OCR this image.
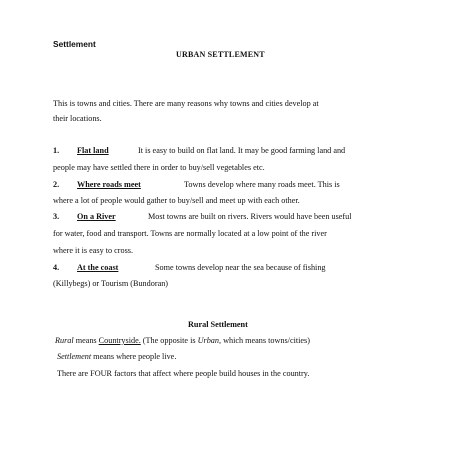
Settlement
URBAN SETTLEMENT
This is towns and cities. There are many reasons why towns and cities develop at
their locations.
1. Flat land	It is easy to build on flat land. It may be good farming land and
people may have settled there in order to buy/sell vegetables etc.
2. Where roads meet	Towns develop where many roads meet. This is
where a lot of people would gather to buy/sell and meet up with each other.
3. On a River	Most towns are built on rivers. Rivers would have been useful
for water, food and transport. Towns are normally located at a low point of the river
where it is easy to cross.
4. At the coast	Some towns develop near the sea because of fishing
(Killybegs) or Tourism (Bundoran)
Rural Settlement
Rural means Countryside. (The opposite is Urban, which means towns/cities)
Settlement means where people live.
There are FOUR factors that affect where people build houses in the country.
